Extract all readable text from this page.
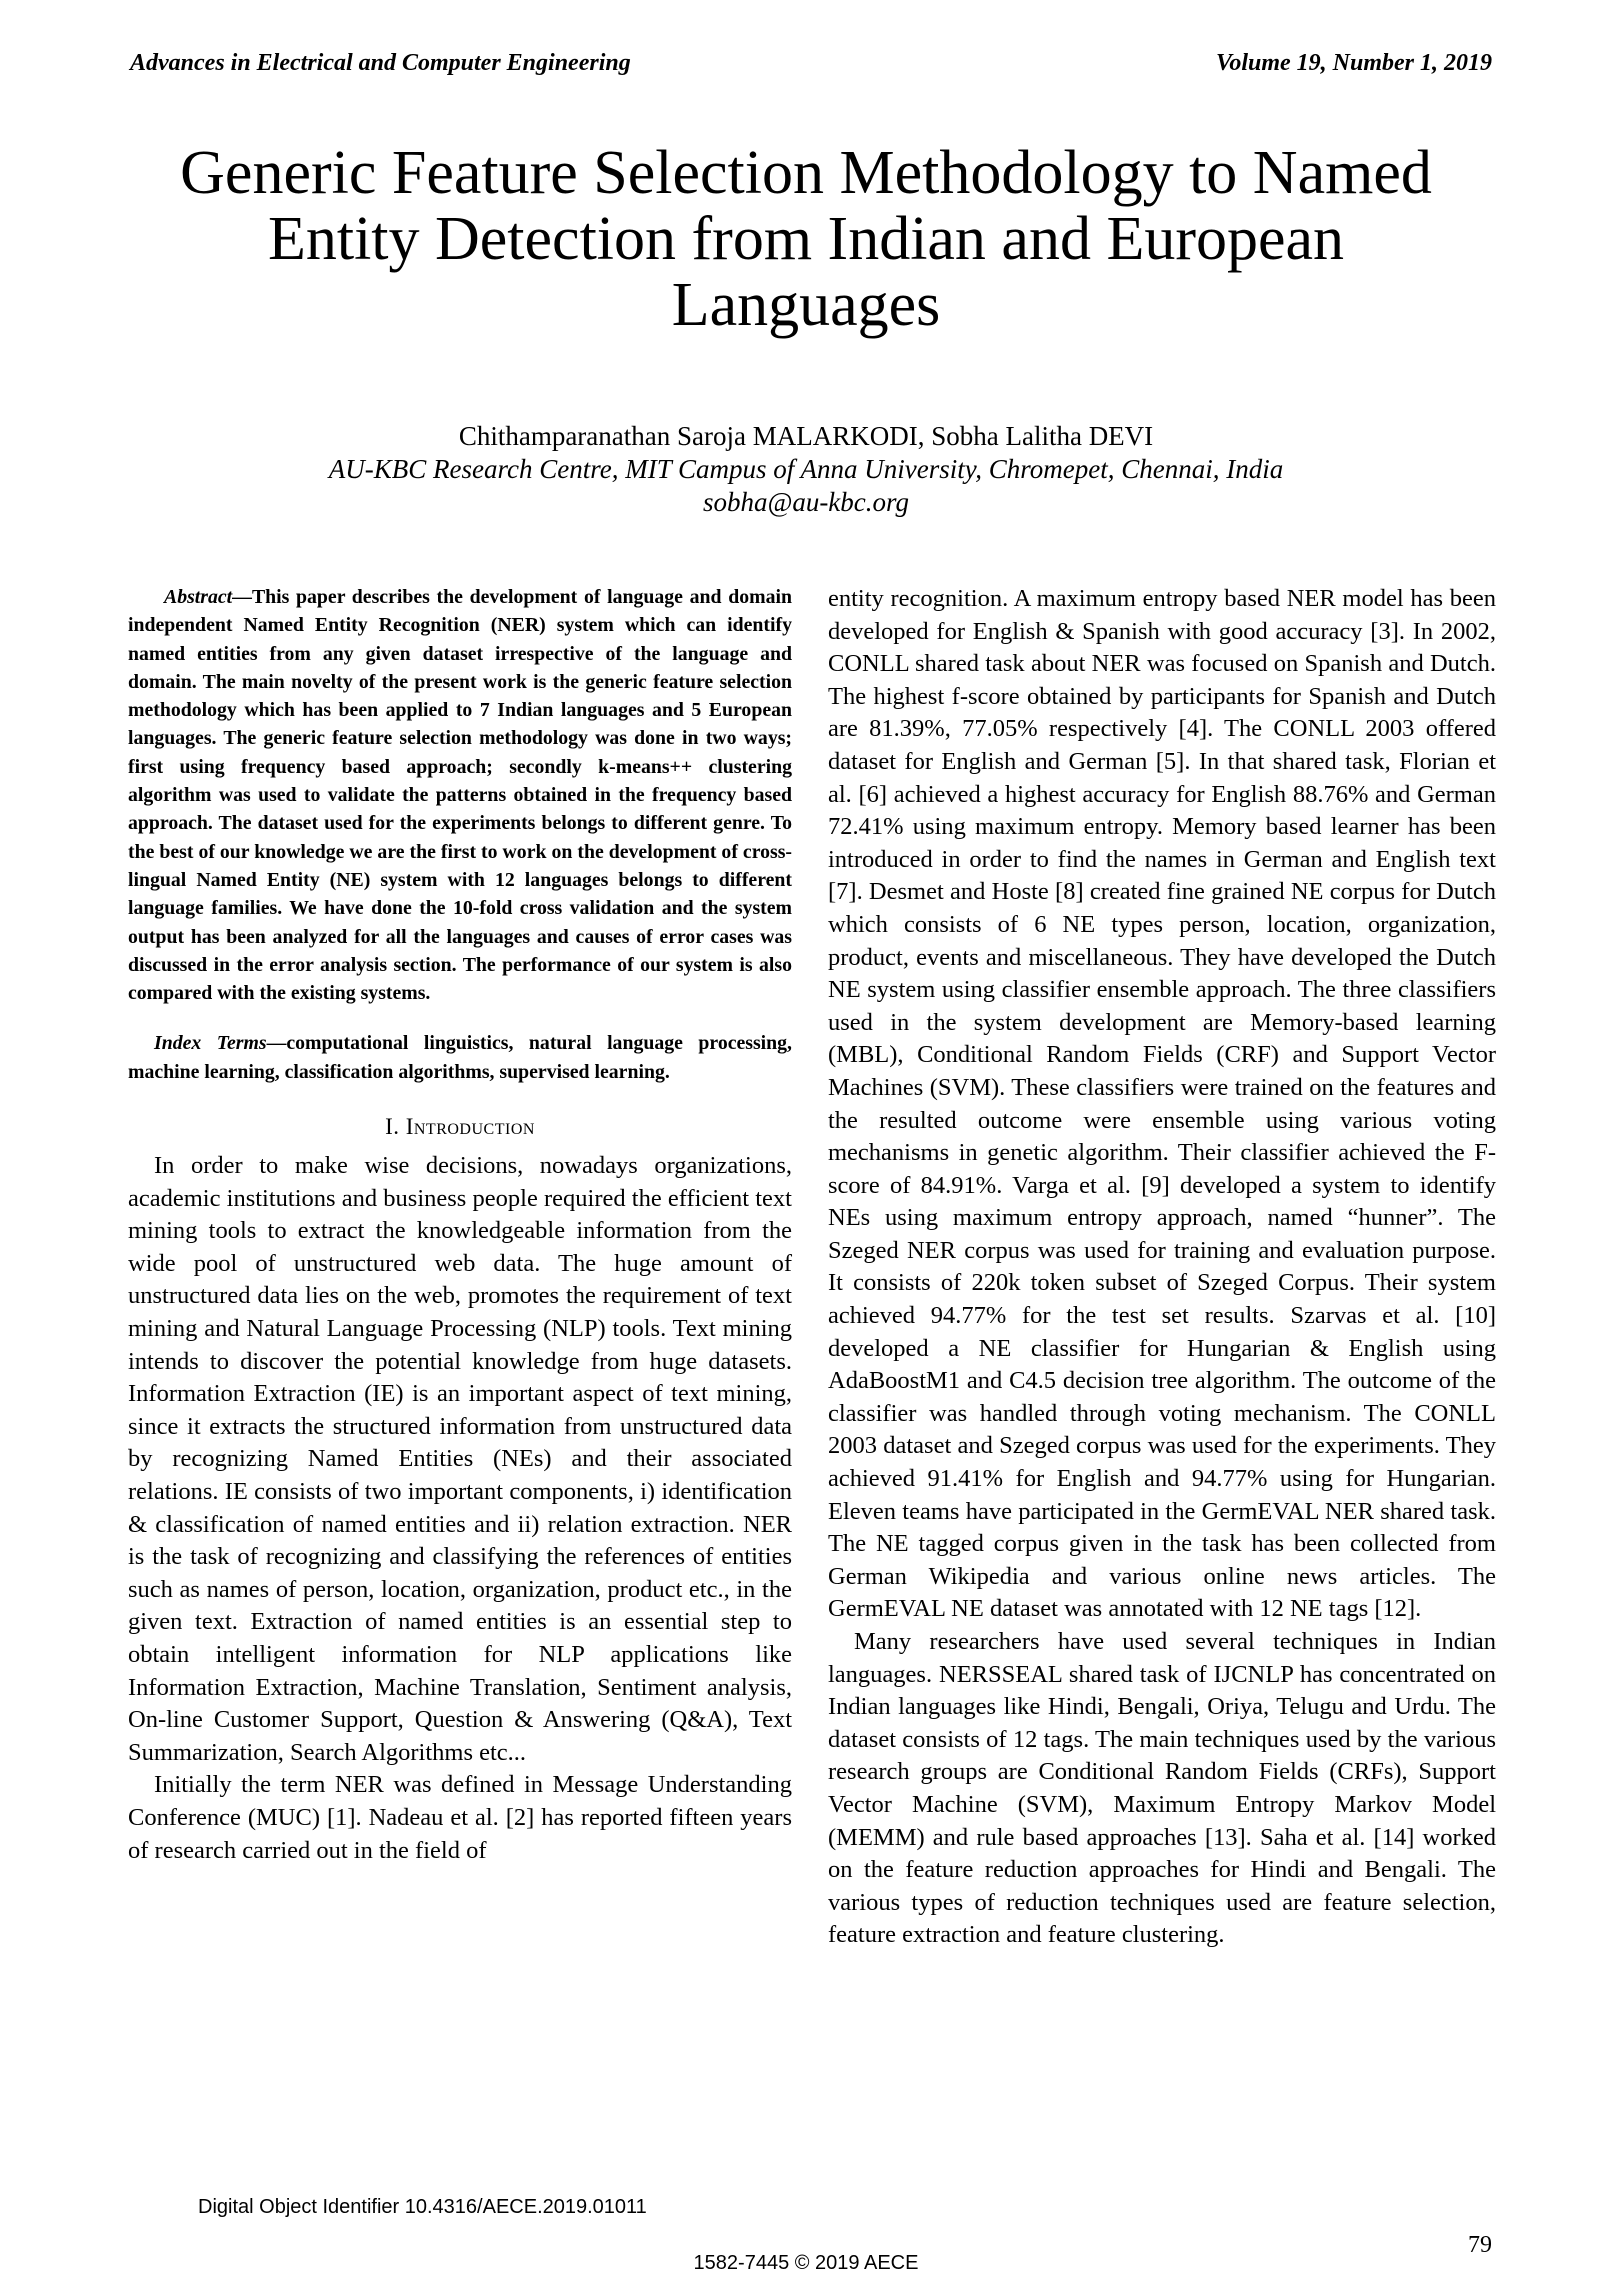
Advances in Electrical and Computer Engineering	Volume 19, Number 1, 2019
Generic Feature Selection Methodology to Named Entity Detection from Indian and European Languages
Chithamparanathan Saroja MALARKODI, Sobha Lalitha DEVI
AU-KBC Research Centre, MIT Campus of Anna University, Chromepet, Chennai, India
sobha@au-kbc.org

Abstract—This paper describes the development of language and domain independent Named Entity Recognition (NER) system which can identify named entities from any given dataset irrespective of the language and domain. The main novelty of the present work is the generic feature selection methodology which has been applied to 7 Indian languages and 5 European languages. The generic feature selection methodology was done in two ways; first using frequency based approach; secondly k-means++ clustering algorithm was used to validate the patterns obtained in the frequency based approach. The dataset used for the experiments belongs to different genre. To the best of our knowledge we are the first to work on the development of cross-lingual Named Entity (NE) system with 12 languages belongs to different language families. We have done the 10-fold cross validation and the system output has been analyzed for all the languages and causes of error cases was discussed in the error analysis section. The performance of our system is also compared with the existing systems.

Index Terms—computational linguistics, natural language processing, machine learning, classification algorithms, supervised learning.

I. Introduction

In order to make wise decisions, nowadays organizations, academic institutions and business people required the efficient text mining tools to extract the knowledgeable information from the wide pool of unstructured web data. The huge amount of unstructured data lies on the web, promotes the requirement of text mining and Natural Language Processing (NLP) tools. Text mining intends to discover the potential knowledge from huge datasets. Information Extraction (IE) is an important aspect of text mining, since it extracts the structured information from unstructured data by recognizing Named Entities (NEs) and their associated relations. IE consists of two important components, i) identification & classification of named entities and ii) relation extraction. NER is the task of recognizing and classifying the references of entities such as names of person, location, organization, product etc., in the given text. Extraction of named entities is an essential step to obtain intelligent information for NLP applications like Information Extraction, Machine Translation, Sentiment analysis, On-line Customer Support, Question & Answering (Q&A), Text Summarization, Search Algorithms etc...

Initially the term NER was defined in Message Understanding Conference (MUC) [1]. Nadeau et al. [2] has reported fifteen years of research carried out in the field of

entity recognition. A maximum entropy based NER model has been developed for English & Spanish with good accuracy [3]. In 2002, CONLL shared task about NER was focused on Spanish and Dutch. The highest f-score obtained by participants for Spanish and Dutch are 81.39%, 77.05% respectively [4]. The CONLL 2003 offered dataset for English and German [5]. In that shared task, Florian et al. [6] achieved a highest accuracy for English 88.76% and German 72.41% using maximum entropy. Memory based learner has been introduced in order to find the names in German and English text [7]. Desmet and Hoste [8] created fine grained NE corpus for Dutch which consists of 6 NE types person, location, organization, product, events and miscellaneous. They have developed the Dutch NE system using classifier ensemble approach. The three classifiers used in the system development are Memory-based learning (MBL), Conditional Random Fields (CRF) and Support Vector Machines (SVM). These classifiers were trained on the features and the resulted outcome were ensemble using various voting mechanisms in genetic algorithm. Their classifier achieved the F-score of 84.91%. Varga et al. [9] developed a system to identify NEs using maximum entropy approach, named “hunner”. The Szeged NER corpus was used for training and evaluation purpose. It consists of 220k token subset of Szeged Corpus. Their system achieved 94.77% for the test set results. Szarvas et al. [10] developed a NE classifier for Hungarian & English using AdaBoostM1 and C4.5 decision tree algorithm. The outcome of the classifier was handled through voting mechanism. The CONLL 2003 dataset and Szeged corpus was used for the experiments. They achieved 91.41% for English and 94.77% using for Hungarian. Eleven teams have participated in the GermEVAL NER shared task. The NE tagged corpus given in the task has been collected from German Wikipedia and various online news articles. The GermEVAL NE dataset was annotated with 12 NE tags [12].

Many researchers have used several techniques in Indian languages. NERSSEAL shared task of IJCNLP has concentrated on Indian languages like Hindi, Bengali, Oriya, Telugu and Urdu. The dataset consists of 12 tags. The main techniques used by the various research groups are Conditional Random Fields (CRFs), Support Vector Machine (SVM), Maximum Entropy Markov Model (MEMM) and rule based approaches [13]. Saha et al. [14] worked on the feature reduction approaches for Hindi and Bengali. The various types of reduction techniques used are feature selection, feature extraction and feature clustering.

Digital Object Identifier 10.4316/AECE.2019.01011
79
1582-7445 © 2019 AECE
